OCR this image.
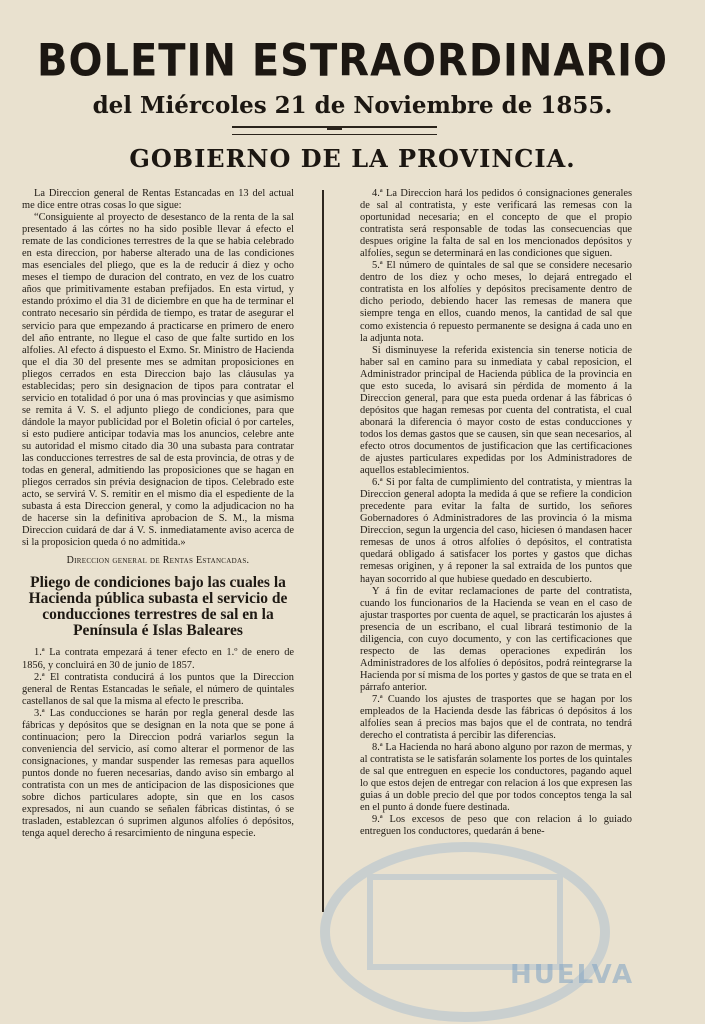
BOLETIN ESTRAORDINARIO
del Miércoles 21 de Noviembre de 1855.
GOBIERNO DE LA PROVINCIA.

La Direccion general de Rentas Estancadas en 13 del actual me dice entre otras cosas lo que sigue:

“Consiguiente al proyecto de desestanco de la renta de la sal presentado á las córtes no ha sido posible llevar á efecto el remate de las condiciones terrestres de la que se habia celebrado en esta direccion, por haberse alterado una de las condiciones mas esenciales del pliego, que es la de reducir á diez y ocho meses el tiempo de duracion del contrato, en vez de los cuatro años que primitivamente estaban prefijados. En esta virtud, y estando próximo el dia 31 de diciembre en que ha de terminar el contrato necesario sin pérdida de tiempo, es tratar de asegurar el servicio para que empezando á practicarse en primero de enero del año entrante, no llegue el caso de que falte surtido en los alfolies. Al efecto á dispuesto el Exmo. Sr. Ministro de Hacienda que el dia 30 del presente mes se admitan proposiciones en pliegos cerrados en esta Direccion bajo las cláusulas ya establecidas; pero sin designacion de tipos para contratar el servicio en totalidad ó por una ó mas provincias y que asimismo se remita á V. S. el adjunto pliego de condiciones, para que dándole la mayor publicidad por el Boletin oficial ó por carteles, si esto pudiere anticipar todavia mas los anuncios, celebre ante su autoridad el mismo citado dia 30 una subasta para contratar las conducciones terrestres de sal de esta provincia, de otras y de todas en general, admitiendo las proposiciones que se hagan en pliegos cerrados sin prévia designacion de tipos. Celebrado este acto, se servirá V. S. remitir en el mismo dia el espediente de la subasta á esta Direccion general, y como la adjudicacion no ha de hacerse sin la definitiva aprobacion de S. M., la misma Direccion cuidará de dar á V. S. inmediatamente aviso acerca de si la proposicion queda ó no admitida.»

Direccion general de Rentas Estancadas.
Pliego de condiciones bajo las cuales la Hacienda pública subasta el servicio de conducciones terrestres de sal en la Península é Islas Baleares

1.ª La contrata empezará á tener efecto en 1.º de enero de 1856, y concluirá en 30 de junio de 1857.

2.ª El contratista conducirá á los puntos que la Direccion general de Rentas Estancadas le señale, el número de quintales castellanos de sal que la misma al efecto le prescriba.

3.ª Las conducciones se harán por regla general desde las fábricas y depósitos que se designan en la nota que se pone á continuacion; pero la Direccion podrá variarlos segun la conveniencia del servicio, así como alterar el pormenor de las consignaciones, y mandar suspender las remesas para aquellos puntos donde no fueren necesarias, dando aviso sin embargo al contratista con un mes de anticipacion de las disposiciones que sobre dichos particulares adopte, sin que en los casos expresados, ni aun cuando se señalen fábricas distintas, ó se trasladen, establezcan ó suprimen algunos alfolíes ó depósitos, tenga aquel derecho á resarcimiento de ninguna especie.

4.ª La Direccion hará los pedidos ó consignaciones generales de sal al contratista, y este verificará las remesas con la oportunidad necesaria; en el concepto de que el propio contratista será responsable de todas las consecuencias que despues origine la falta de sal en los mencionados depósitos y alfolíes, segun se determinará en las condiciones que siguen.

5.ª El número de quintales de sal que se considere necesario dentro de los diez y ocho meses, lo dejará entregado el contratista en los alfolíes y depósitos precisamente dentro de dicho periodo, debiendo hacer las remesas de manera que siempre tenga en ellos, cuando menos, la cantidad de sal que como existencia ó repuesto permanente se designa á cada uno en la adjunta nota.

Si disminuyese la referida existencia sin tenerse noticia de haber sal en camino para su inmediata y cabal reposicion, el Administrador principal de Hacienda pública de la provincia en que esto suceda, lo avisará sin pérdida de momento á la Direccion general, para que esta pueda ordenar á las fábricas ó depósitos que hagan remesas por cuenta del contratista, el cual abonará la diferencia ó mayor costo de estas conducciones y todos los demas gastos que se causen, sin que sean necesarios, al efecto otros documentos de justificacion que las certificaciones de ajustes particulares expedidas por los Administradores de aquellos establecimientos.

6.ª Si por falta de cumplimiento del contratista, y mientras la Direccion general adopta la medida á que se refiere la condicion precedente para evitar la falta de surtido, los señores Gobernadores ó Administradores de las provincia ó la misma Direccion, segun la urgencia del caso, hiciesen ó mandasen hacer remesas de unos á otros alfolíes ó depósitos, el contratista quedará obligado á satisfacer los portes y gastos que dichas remesas originen, y á reponer la sal extraida de los puntos que hayan socorrido al que hubiese quedado en descubierto.

Y á fin de evitar reclamaciones de parte del contratista, cuando los funcionarios de la Hacienda se vean en el caso de ajustar trasportes por cuenta de aquel, se practicarán los ajustes á presencia de un escribano, el cual librará testimonio de la diligencia, con cuyo documento, y con las certificaciones que respecto de las demas operaciones expedirán los Administradores de los alfolíes ó depósitos, podrá reintegrarse la Hacienda por sí misma de los portes y gastos de que se trata en el párrafo anterior.

7.ª Cuando los ajustes de trasportes que se hagan por los empleados de la Hacienda desde las fábricas ó depósitos á los alfolíes sean á precios mas bajos que el de contrata, no tendrá derecho el contratista á percibir las diferencias.

8.ª La Hacienda no hará abono alguno por razon de mermas, y al contratista se le satisfarán solamente los portes de los quintales de sal que entreguen en especie los conductores, pagando aquel lo que estos dejen de entregar con relacion á los que expresen las guias á un doble precio del que por todos conceptos tenga la sal en el punto á donde fuere destinada.

9.ª Los excesos de peso que con relacion á lo guiado entreguen los conductores, quedarán á bene-

HUELVA
